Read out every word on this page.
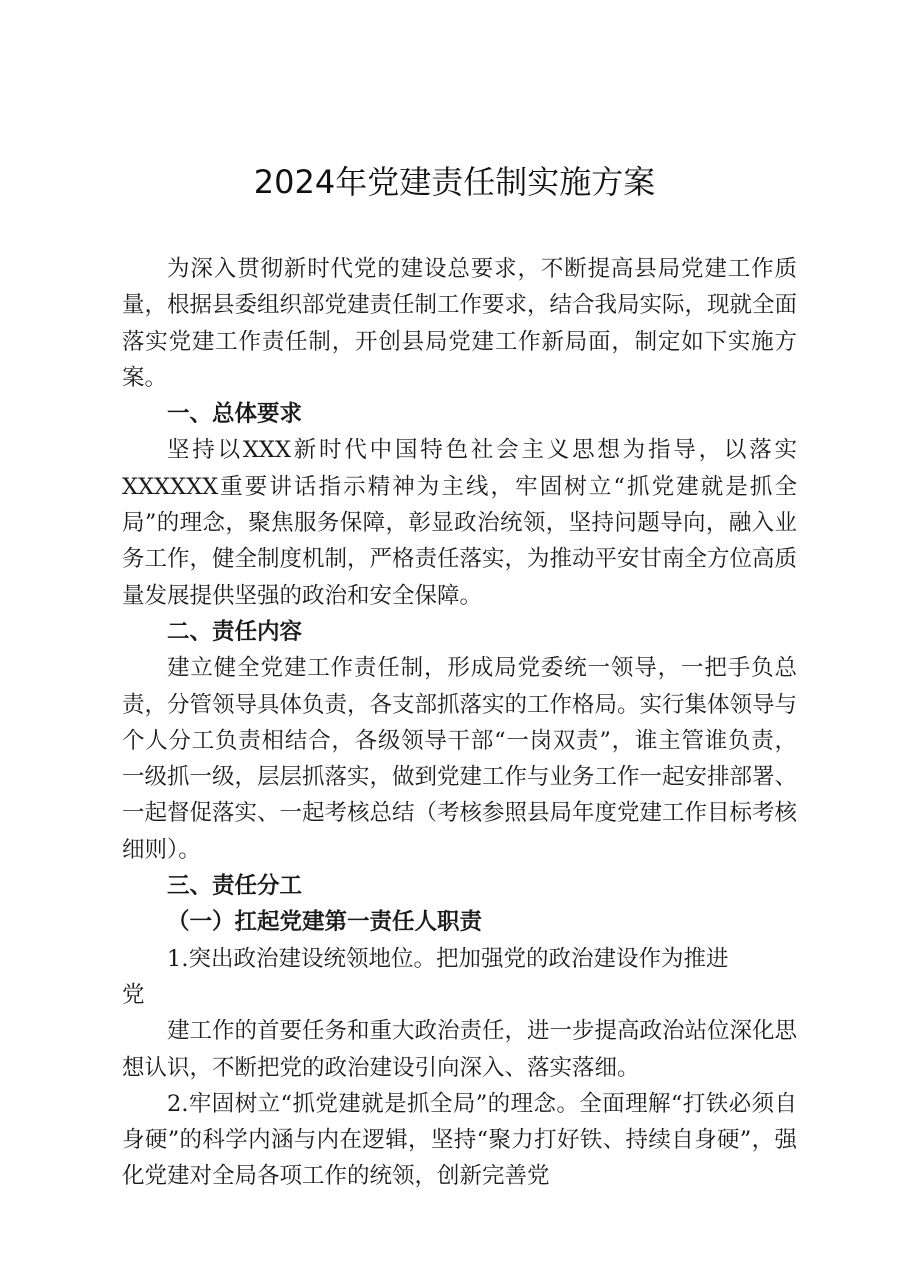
2024年党建责任制实施方案

为深入贯彻新时代党的建设总要求，不断提高县局党建工作质量，根据县委组织部党建责任制工作要求，结合我局实际，现就全面落实党建工作责任制，开创县局党建工作新局面，制定如下实施方案。

一、总体要求

坚持以XXX新时代中国特色社会主义思想为指导，以落实XXXXXX重要讲话指示精神为主线，牢固树立“抓党建就是抓全局”的理念，聚焦服务保障，彰显政治统领，坚持问题导向，融入业务工作，健全制度机制，严格责任落实，为推动平安甘南全方位高质量发展提供坚强的政治和安全保障。

二、责任内容

建立健全党建工作责任制，形成局党委统一领导，一把手负总责，分管领导具体负责，各支部抓落实的工作格局。实行集体领导与个人分工负责相结合，各级领导干部“一岗双责”，谁主管谁负责，一级抓一级，层层抓落实，做到党建工作与业务工作一起安排部署、一起督促落实、一起考核总结（考核参照县局年度党建工作目标考核细则）。

三、责任分工

（一）扛起党建第一责任人职责

1.突出政治建设统领地位。把加强党的政治建设作为推进

党

建工作的首要任务和重大政治责任，进一步提高政治站位深化思想认识，不断把党的政治建设引向深入、落实落细。

2.牢固树立“抓党建就是抓全局”的理念。全面理解“打铁必须自身硬”的科学内涵与内在逻辑，坚持“聚力打好铁、持续自身硬”，强化党建对全局各项工作的统领，创新完善党
